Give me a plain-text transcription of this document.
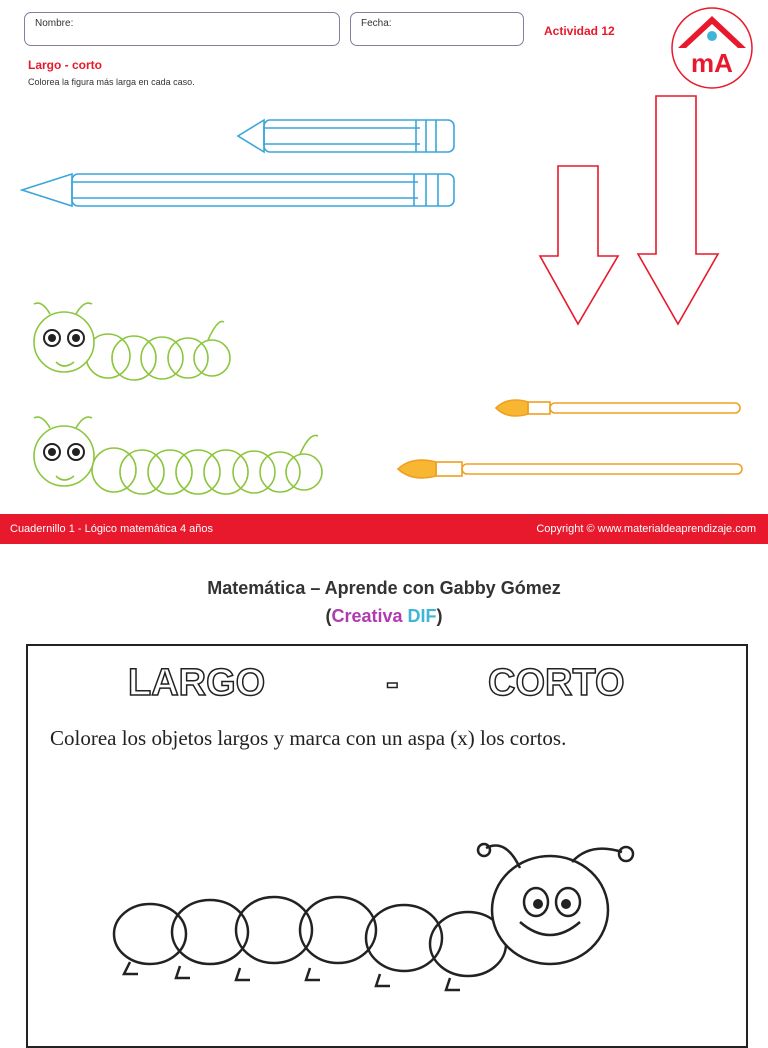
Nombre:	Fecha:
Actividad 12
mA
Largo - corto
Colorea la figura más larga en cada caso.
Cuadernillo 1 - Lógico matemática 4 años	Copyright © www.materialdeaprendizaje.com
Matemática – Aprende con Gabby Gómez
(Creativa DIF)
LARGO	- CORTO
Colorea los objetos largos y marca con un aspa (x) los cortos.
